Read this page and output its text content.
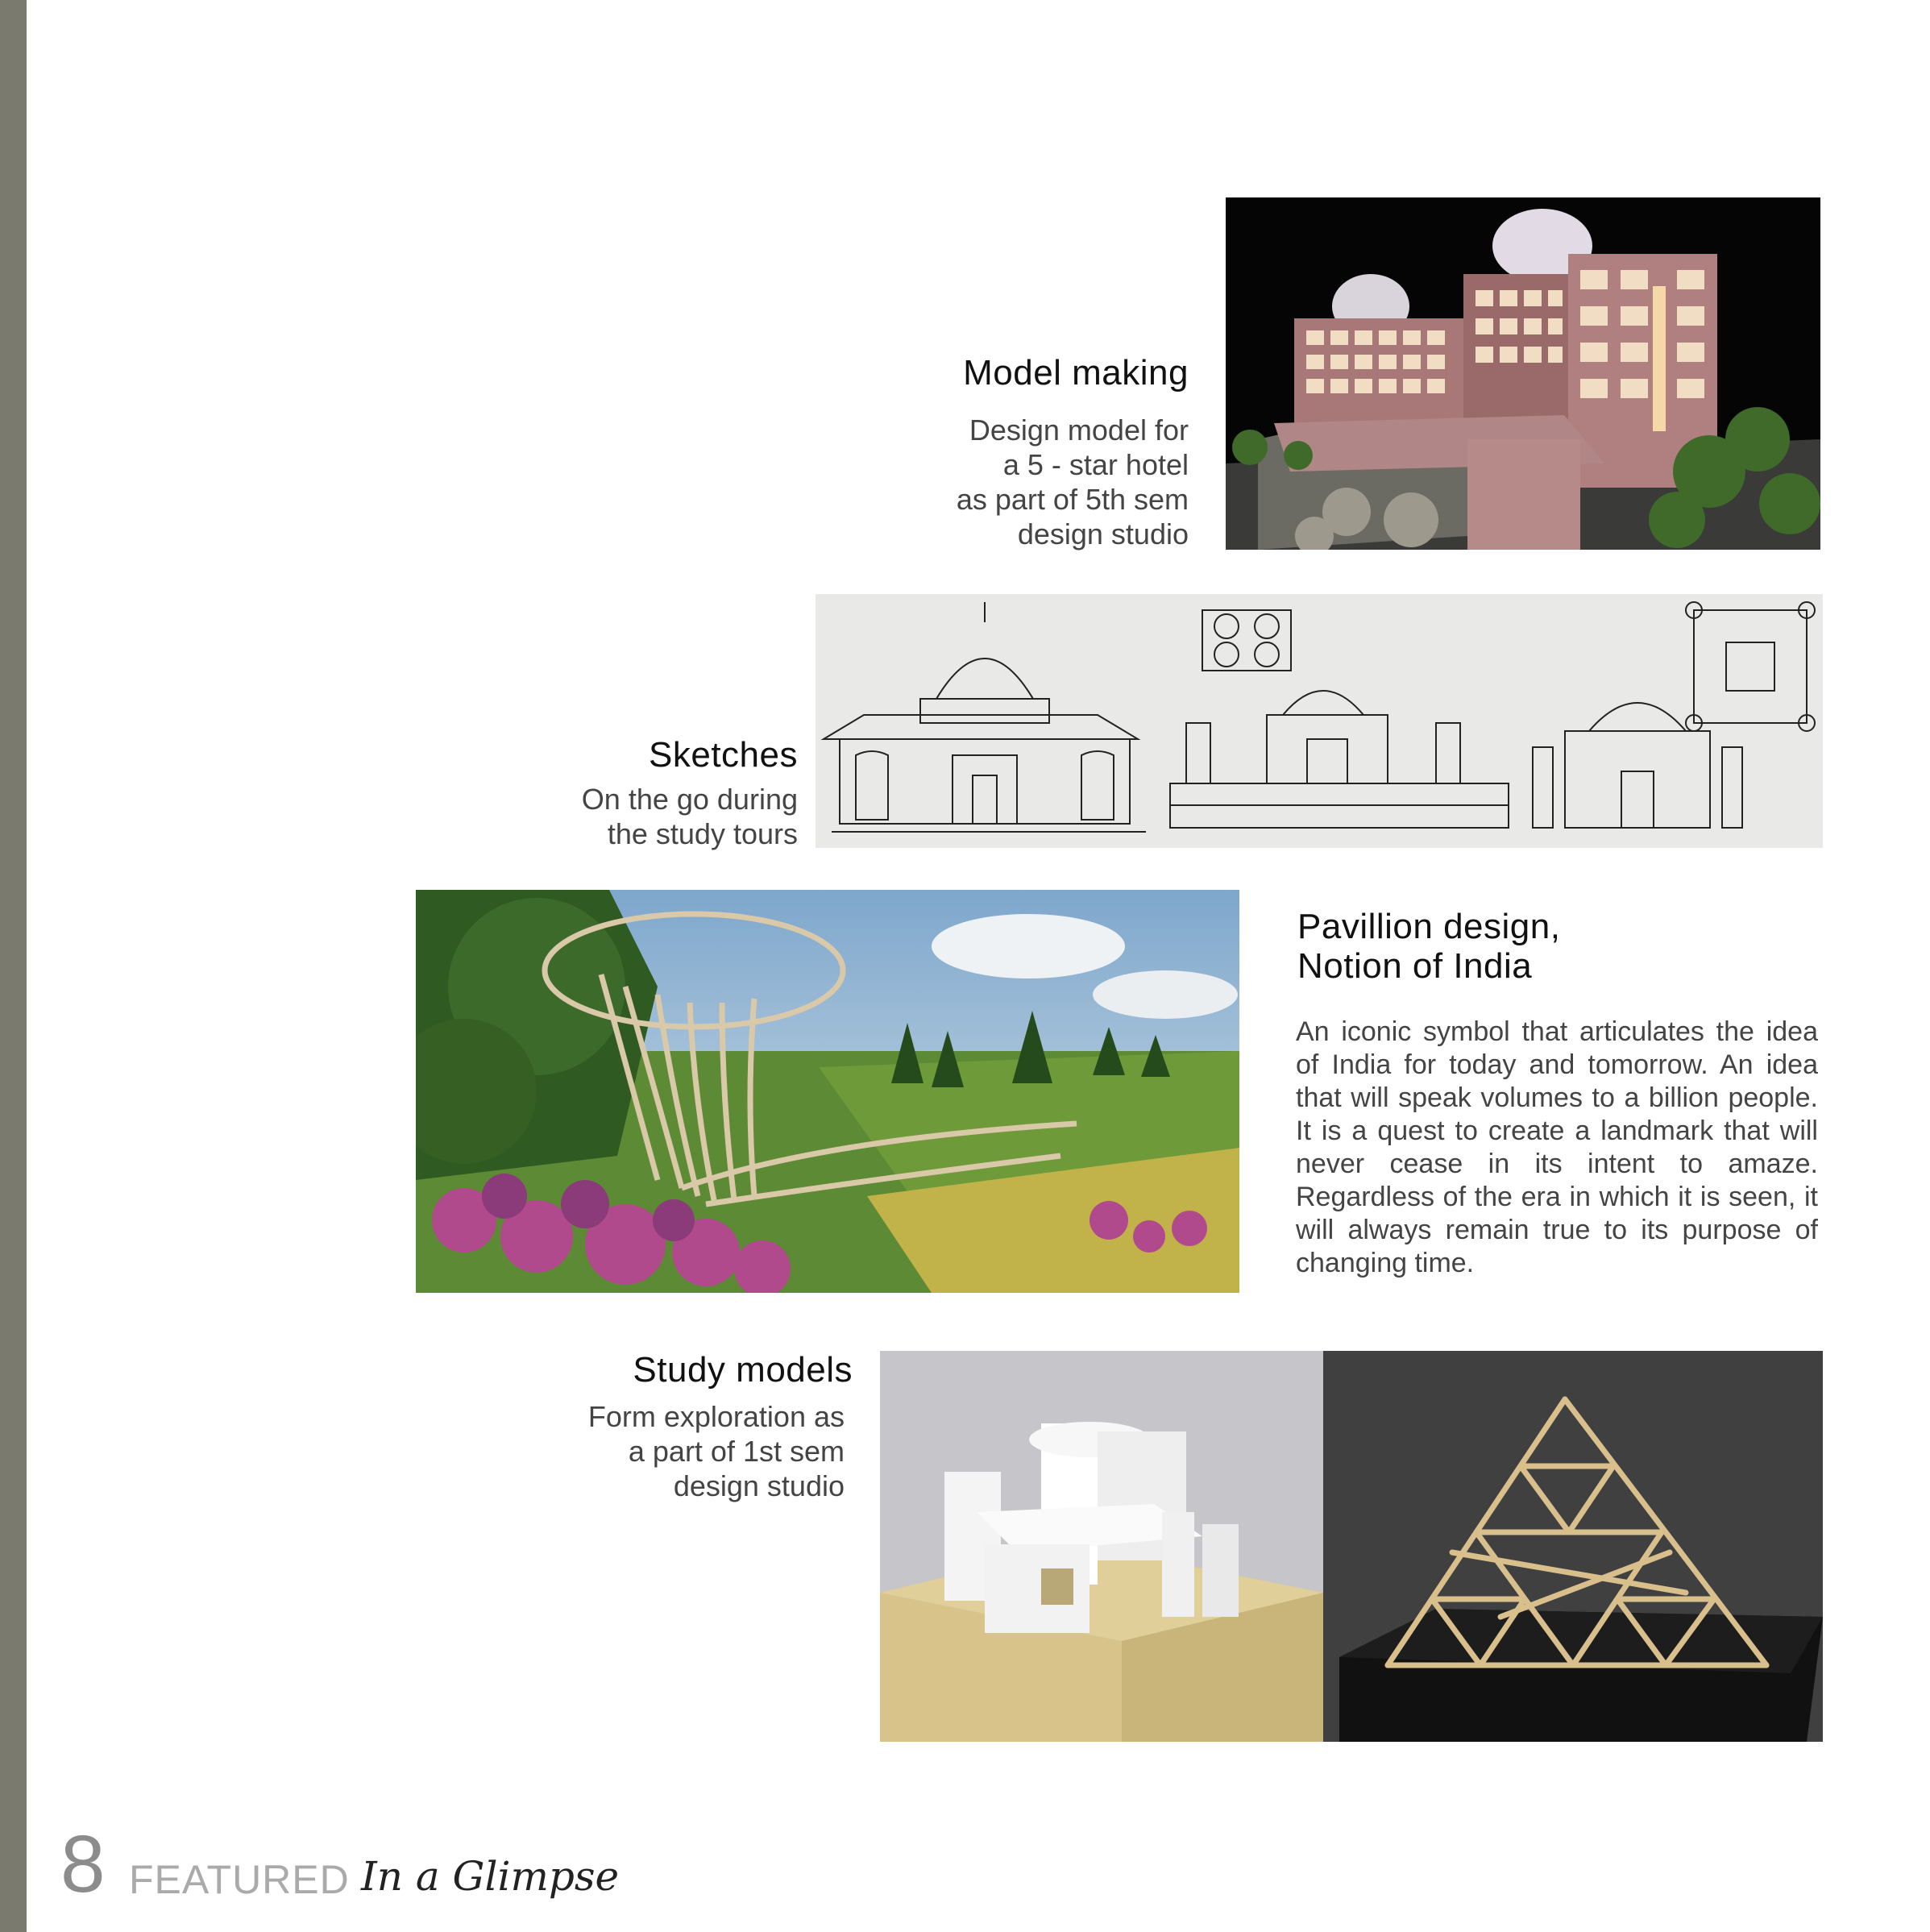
Model making
Design model for
a 5 - star hotel
as part of 5th sem
design studio
Sketches
On the go during
the study tours
Pavillion design,
Notion of India
An iconic symbol that articulates the idea of India for today and tomorrow. An idea that will speak volumes to a billion people. It is a quest to create a landmark that will never cease in its intent to amaze. Regardless of the era in which it is seen, it will always remain true to its purpose of changing time.
Study models
Form exploration as
a part of 1st sem
design studio
8 FEATURED In a Glimpse
